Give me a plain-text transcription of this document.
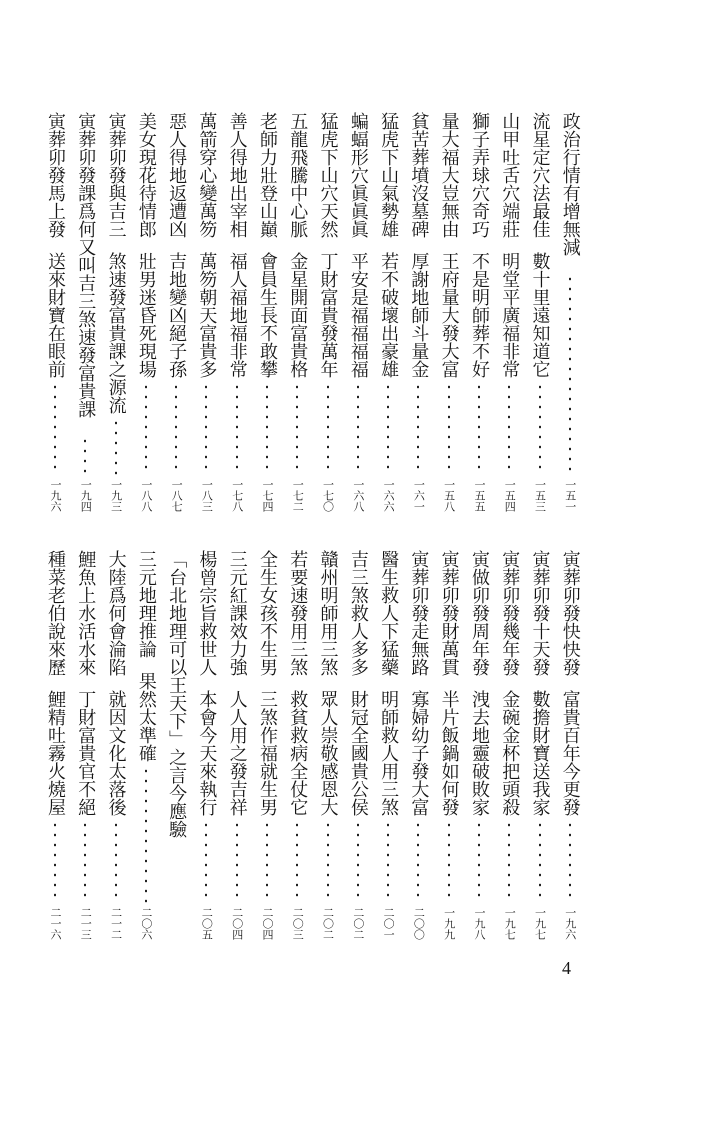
政治行情有增無減
一五一
流星定穴法最佳
數十里遠知道它
一五三
山甲吐舌穴端莊
明堂平廣福非常
一五四
獅子弄球穴奇巧
不是明師葬不好
一五五
量大福大豈無由
王府量大發大富
一五八
貧苦葬墳沒墓碑
厚謝地師斗量金
一六一
猛虎下山氣勢雄
若不破壞出豪雄
一六六
蝙蝠形穴眞眞眞
平安是福福福福
一六八
猛虎下山穴天然
丁財富貴發萬年
一七〇
五龍飛騰中心脈
金星開面富貴格
一七二
老師力壯登山巔
會員生長不敢攀
一七四
善人得地出宰相
福人福地福非常
一七八
萬箭穿心變萬笏
萬笏朝天富貴多
一八三
惡人得地返遭凶
吉地變凶絕子孫
一八七
美女現花待情郎
壯男迷昏死現場
一八八
寅葬卯發與吉三
煞速發富貴課之源流
一九三
寅葬卯發課爲何又叫吉三煞速發富貴課
一九四
寅葬卯發馬上發
送來財寶在眼前
一九六
寅葬卯發快快發
富貴百年今更發
一九六
寅葬卯發十天發
數擔財寶送我家
一九七
寅葬卯發幾年發
金碗金杯把頭殺
一九七
寅做卯發周年發
洩去地靈破敗家
一九八
寅葬卯發財萬貫
半片飯鍋如何發
一九九
寅葬卯發走無路
寡婦幼子發大富
二〇〇
醫生救人下猛藥
明師救人用三煞
二〇一
吉三煞救人多多
財冠全國貴公侯
二〇二
贛州明師用三煞
眾人崇敬感恩大
二〇二
若要速發用三煞
救貧救病全仗它
二〇三
全生女孩不生男
三煞作福就生男
二〇四
三元紅課效力強
人人用之發吉祥
二〇四
楊曾宗旨救世人
本會今天來執行
二〇五
「台北地理可以王天下」之言今應驗
三元地理推論
果然太準確
二〇六
大陸爲何會淪陷
就因文化太落後
二一二
鯉魚上水活水來
丁財富貴官不絕
二一三
種菜老伯說來歷
鯉精吐霧火燒屋
二一六
4
